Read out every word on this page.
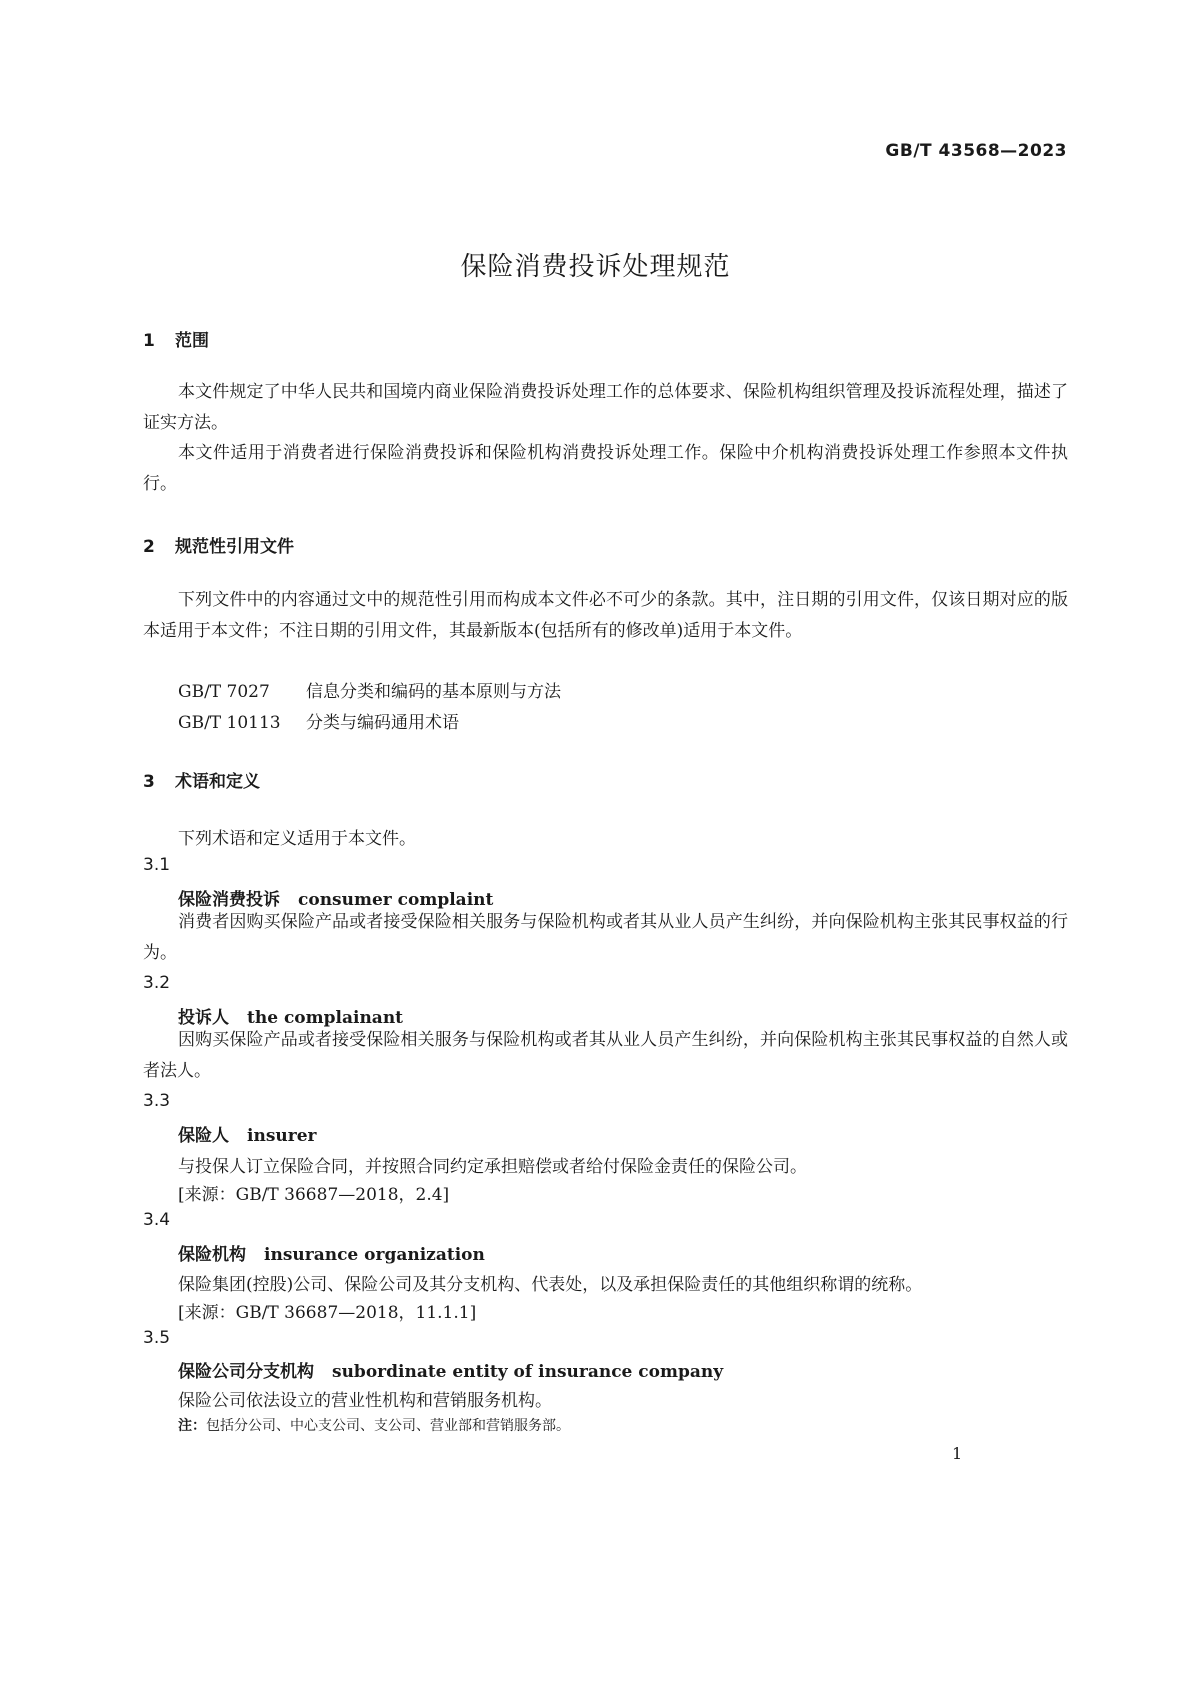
GB/T 43568—2023
保险消费投诉处理规范
1 范围
本文件规定了中华人民共和国境内商业保险消费投诉处理工作的总体要求、保险机构组织管理及投诉流程处理，描述了证实方法。
本文件适用于消费者进行保险消费投诉和保险机构消费投诉处理工作。保险中介机构消费投诉处理工作参照本文件执行。
2 规范性引用文件
下列文件中的内容通过文中的规范性引用而构成本文件必不可少的条款。其中，注日期的引用文件，仅该日期对应的版本适用于本文件；不注日期的引用文件，其最新版本(包括所有的修改单)适用于本文件。
GB/T 7027 信息分类和编码的基本原则与方法
GB/T 10113 分类与编码通用术语
3 术语和定义
下列术语和定义适用于本文件。
3.1
保险消费投诉 consumer complaint
消费者因购买保险产品或者接受保险相关服务与保险机构或者其从业人员产生纠纷，并向保险机构主张其民事权益的行为。
3.2
投诉人 the complainant
因购买保险产品或者接受保险相关服务与保险机构或者其从业人员产生纠纷，并向保险机构主张其民事权益的自然人或者法人。
3.3
保险人 insurer
与投保人订立保险合同，并按照合同约定承担赔偿或者给付保险金责任的保险公司。
[来源：GB/T 36687—2018，2.4]
3.4
保险机构 insurance organization
保险集团(控股)公司、保险公司及其分支机构、代表处，以及承担保险责任的其他组织称谓的统称。
[来源：GB/T 36687—2018，11.1.1]
3.5
保险公司分支机构 subordinate entity of insurance company
保险公司依法设立的营业性机构和营销服务机构。
注：包括分公司、中心支公司、支公司、营业部和营销服务部。
1
